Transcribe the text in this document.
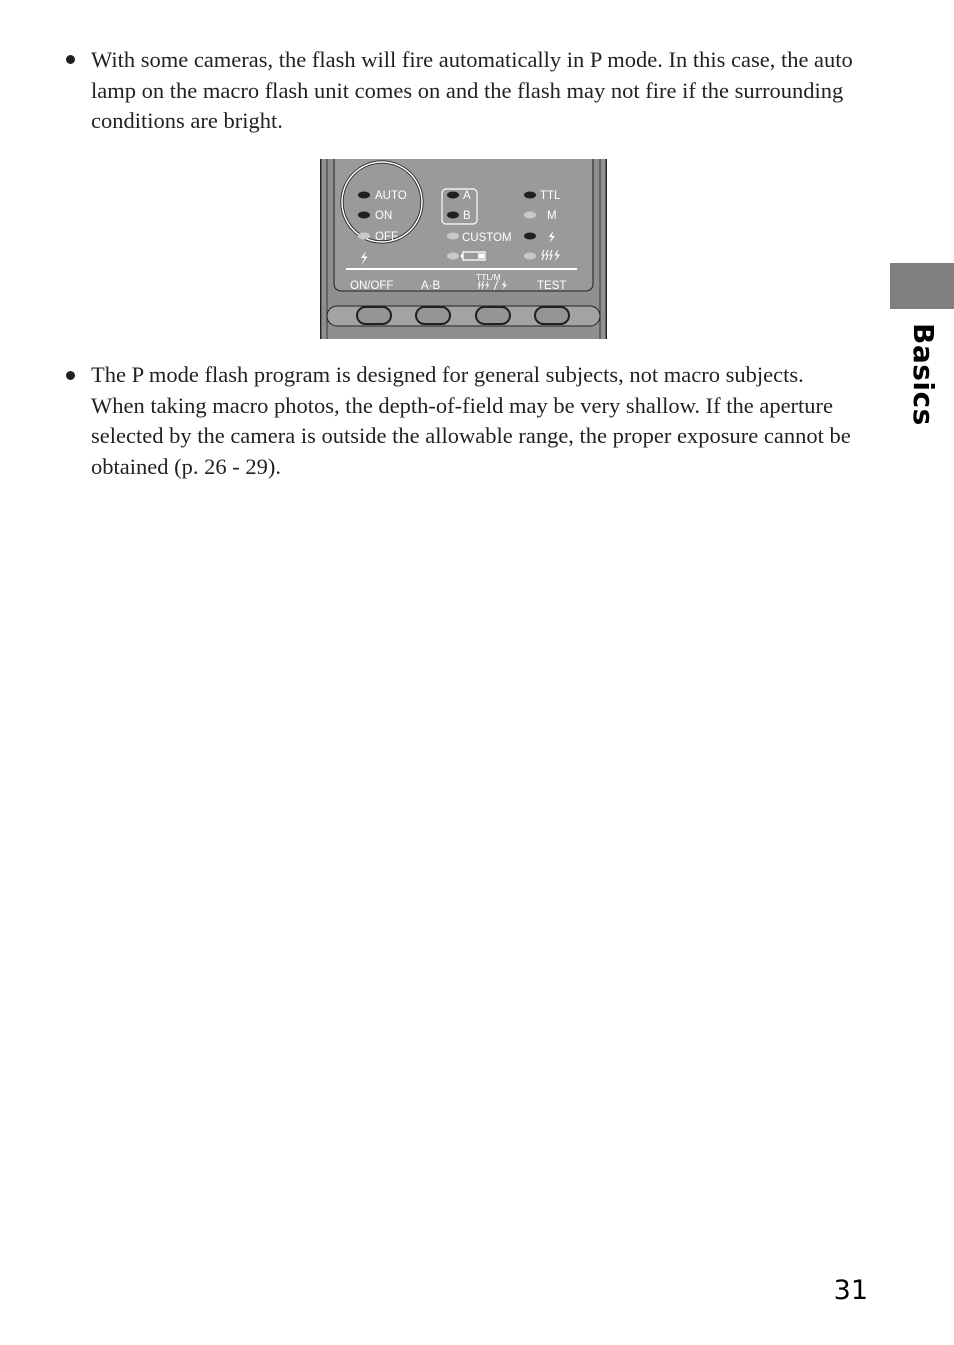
With some cameras, the flash will fire automatically in P mode. In this case, the auto lamp on the macro flash unit comes on and the flash may not fire if the surrounding conditions are bright.

AUTO
ON
OFF
A
B
CUSTOM
TTL
M
ON/OFF A·B
TTL/M
TEST

The P mode flash program is designed for general subjects, not macro subjects. When taking macro photos, the depth-of-field may be very shallow. If the aperture selected by the camera is outside the allowable range, the proper exposure cannot be obtained (p. 26 - 29).

Basics
31
